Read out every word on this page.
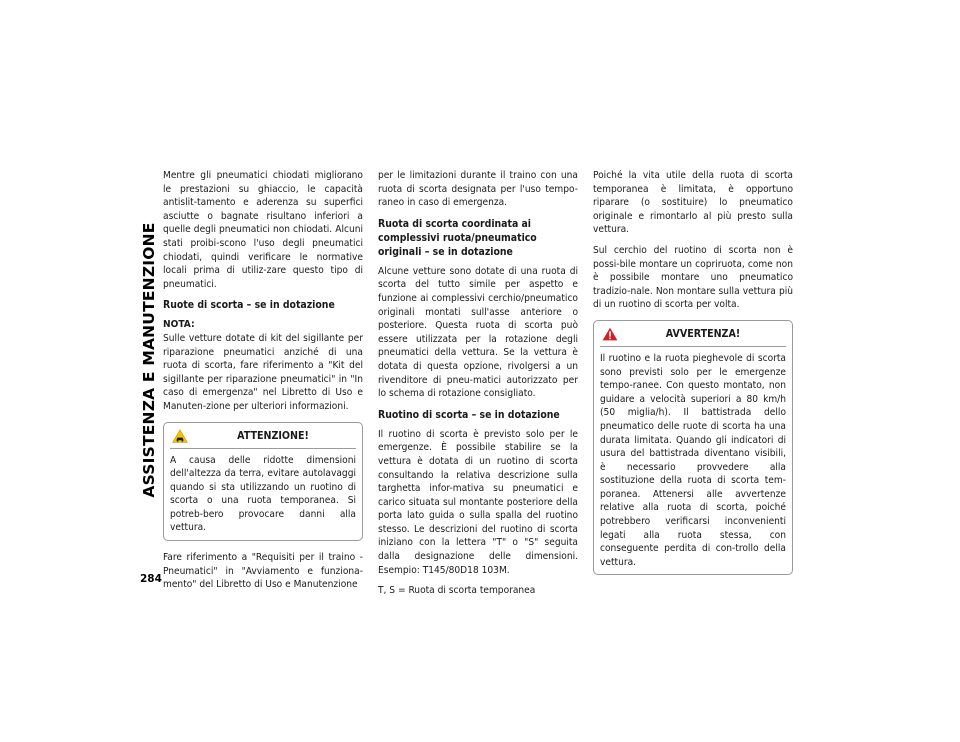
ASSISTENZA E MANUTENZIONE
284

Mentre gli pneumatici chiodati migliorano le prestazioni su ghiaccio, le capacità antislit-tamento e aderenza su superfici asciutte o bagnate risultano inferiori a quelle degli pneumatici non chiodati. Alcuni stati proibi-scono l'uso degli pneumatici chiodati, quindi verificare le normative locali prima di utiliz-zare questo tipo di pneumatici.

Ruote di scorta – se in dotazione
NOTA:

Sulle vetture dotate di kit del sigillante per riparazione pneumatici anziché di una ruota di scorta, fare riferimento a "Kit del sigillante per riparazione pneumatici" in "In caso di emergenza" nel Libretto di Uso e Manuten-zione per ulteriori informazioni.

ATTENZIONE!

A causa delle ridotte dimensioni dell'altezza da terra, evitare autolavaggi quando si sta utilizzando un ruotino di scorta o una ruota temporanea. Si potreb-bero provocare danni alla vettura.

Fare riferimento a "Requisiti per il traino - Pneumatici" in "Avviamento e funziona-mento" del Libretto di Uso e Manutenzione

per le limitazioni durante il traino con una ruota di scorta designata per l'uso tempo-raneo in caso di emergenza.

Ruota di scorta coordinata ai complessivi ruota/pneumatico originali – se in dotazione

Alcune vetture sono dotate di una ruota di scorta del tutto simile per aspetto e funzione ai complessivi cerchio/pneumatico originali montati sull'asse anteriore o posteriore. Questa ruota di scorta può essere utilizzata per la rotazione degli pneumatici della vettura. Se la vettura è dotata di questa opzione, rivolgersi a un rivenditore di pneu-matici autorizzato per lo schema di rotazione consigliato.

Ruotino di scorta – se in dotazione

Il ruotino di scorta è previsto solo per le emergenze. È possibile stabilire se la vettura è dotata di un ruotino di scorta consultando la relativa descrizione sulla targhetta infor-mativa su pneumatici e carico situata sul montante posteriore della porta lato guida o sulla spalla del ruotino stesso. Le descrizioni del ruotino di scorta iniziano con la lettera "T" o "S" seguita dalla designazione delle dimensioni. Esempio: T145/80D18 103M.

T, S = Ruota di scorta temporanea

Poiché la vita utile della ruota di scorta temporanea è limitata, è opportuno riparare (o sostituire) lo pneumatico originale e rimontarlo al più presto sulla vettura.

Sul cerchio del ruotino di scorta non è possi-bile montare un copriruota, come non è possibile montare uno pneumatico tradizio-nale. Non montare sulla vettura più di un ruotino di scorta per volta.

AVVERTENZA!

Il ruotino e la ruota pieghevole di scorta sono previsti solo per le emergenze tempo-ranee. Con questo montato, non guidare a velocità superiori a 80 km/h (50 miglia/h). Il battistrada dello pneumatico delle ruote di scorta ha una durata limitata. Quando gli indicatori di usura del battistrada diventano visibili, è necessario provvedere alla sostituzione della ruota di scorta tem-poranea. Attenersi alle avvertenze relative alla ruota di scorta, poiché potrebbero verificarsi inconvenienti legati alla ruota stessa, con conseguente perdita di con-trollo della vettura.
